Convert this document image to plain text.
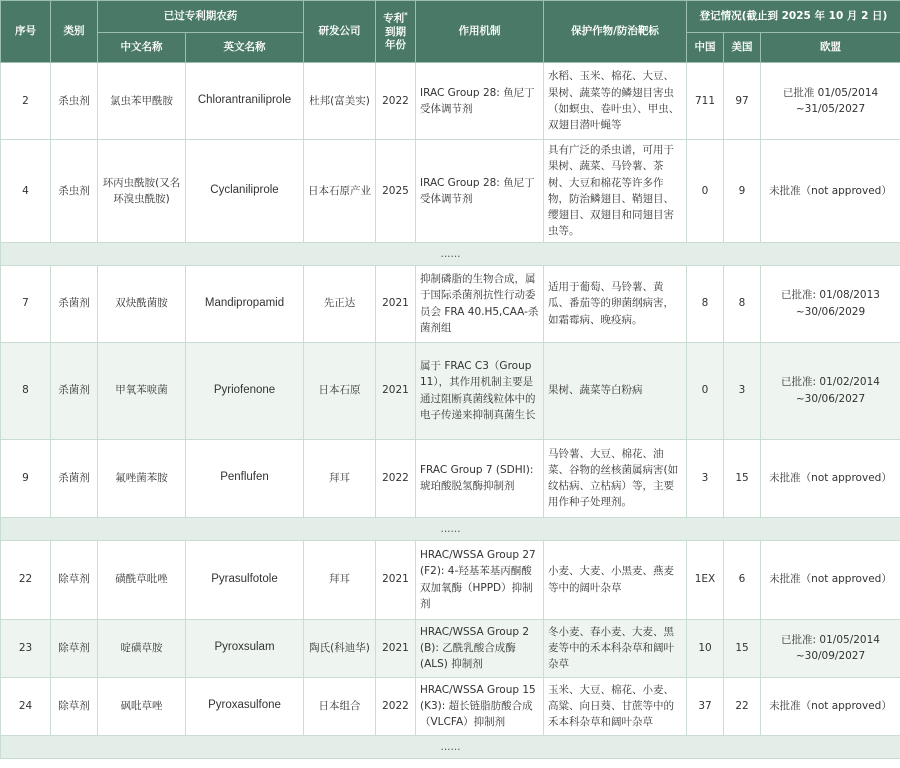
序号	类别	已过专利期农药		研发公司	专利*
到期
年份	作用机制	保护作物/防治靶标	登记情况(截止到 2025 年 10 月 2 日)		
		中文名称	英文名称					中国	美国	欧盟
2	杀虫剂	氯虫苯甲酰胺	Chlorantraniliprole	杜邦(富美实)	2022	IRAC Group 28: 鱼尼丁受体调节剂	水稻、玉米、棉花、大豆、果树、蔬菜等的鳞翅目害虫（如螟虫、卷叶虫）、甲虫、双翅目潜叶蝇等	711	97	已批准 01/05/2014 ~31/05/2027
4	杀虫剂	环丙虫酰胺(又名环溴虫酰胺)	Cyclaniliprole	日本石原产业	2025	IRAC Group 28: 鱼尼丁受体调节剂	具有广泛的杀虫谱，可用于果树、蔬菜、马铃薯、茶树、大豆和棉花等许多作物，防治鳞翅目、鞘翅目、缨翅目、双翅目和同翅目害虫等。	0	9	未批准（not approved）
......										
7	杀菌剂	双炔酰菌胺	Mandipropamid	先正达	2021	抑制磷脂的生物合成，属于国际杀菌剂抗性行动委员会 FRA 40.H5,CAA-杀菌剂组	适用于葡萄、马铃薯、黄瓜、番茄等的卵菌纲病害，如霜霉病、晚疫病。	8	8	已批准: 01/08/2013 ~30/06/2029
8	杀菌剂	甲氧苯唳菌	Pyriofenone	日本石原	2021	属于 FRAC C3（Group 11），其作用机制主要是通过阻断真菌线粒体中的电子传递来抑制真菌生长	果树、蔬菜等白粉病	0	3	已批准: 01/02/2014 ~30/06/2027
9	杀菌剂	氟唑菌苯胺	Penflufen	拜耳	2022	FRAC Group 7 (SDHI): 琥珀酸脱氢酶抑制剂	马铃薯、大豆、棉花、油菜、谷物的丝核菌属病害(如纹枯病、立枯病）等，主要用作种子处理剂。	3	15	未批准（not approved）
......										
22	除草剂	磺酰草吡唑	Pyrasulfotole	拜耳	2021	HRAC/WSSA Group 27 (F2): 4-羟基苯基丙酮酸双加氧酶（HPPD）抑制剂	小麦、大麦、小黑麦、燕麦等中的阔叶杂草	1EX	6	未批准（not approved）
23	除草剂	啶磺草胺	Pyroxsulam	陶氏(科迪华)	2021	HRAC/WSSA Group 2 (B): 乙酰乳酸合成酶(ALS) 抑制剂	冬小麦、春小麦、大麦、黑麦等中的禾本科杂草和阔叶杂草	10	15	已批准: 01/05/2014 ~30/09/2027
24	除草剂	砜吡草唑	Pyroxasulfone	日本组合	2022	HRAC/WSSA Group 15 (K3): 超长链脂肪酸合成（VLCFA）抑制剂	玉米、大豆、棉花、小麦、高粱、向日葵、甘蔗等中的禾本科杂草和阔叶杂草	37	22	未批准（not approved）
......										
